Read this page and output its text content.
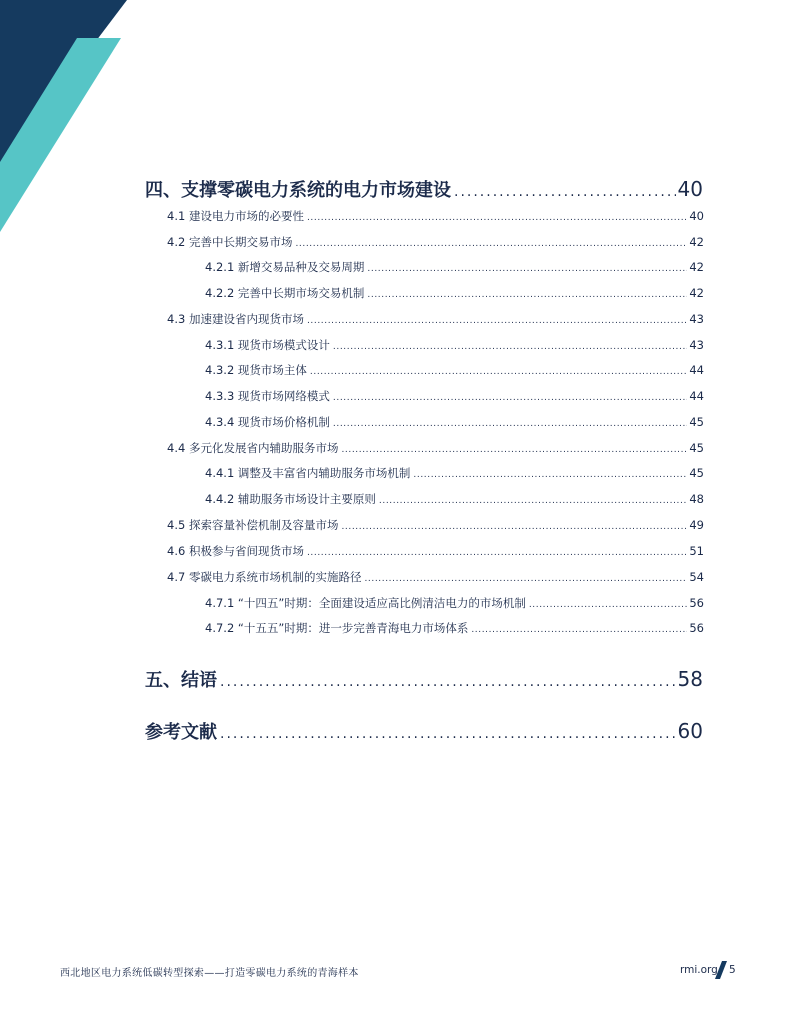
四、支撑零碳电力系统的电力市场建设 .....	40
4.1 建设电力市场的必要性 .....	40
4.2 完善中长期交易市场 .....	42
4.2.1 新增交易品种及交易周期 .....	42
4.2.2 完善中长期市场交易机制 .....	42
4.3 加速建设省内现货市场 .....	43
4.3.1 现货市场模式设计 .....	43
4.3.2 现货市场主体 .....	44
4.3.3 现货市场网络模式 .....	44
4.3.4 现货市场价格机制 .....	45
4.4 多元化发展省内辅助服务市场 .....	45
4.4.1 调整及丰富省内辅助服务市场机制 .....	45
4.4.2 辅助服务市场设计主要原则 .....	48
4.5 探索容量补偿机制及容量市场 .....	49
4.6 积极参与省间现货市场 .....	51
4.7 零碳电力系统市场机制的实施路径 .....	54
4.7.1 “十四五”时期：全面建设适应高比例清洁电力的市场机制 .....	56
4.7.2 “十五五”时期：进一步完善青海电力市场体系 .....	56
五、结语 .....	58
参考文献 .....	60
西北地区电力系统低碳转型探索——打造零碳电力系统的青海样本	rmi.org 5
